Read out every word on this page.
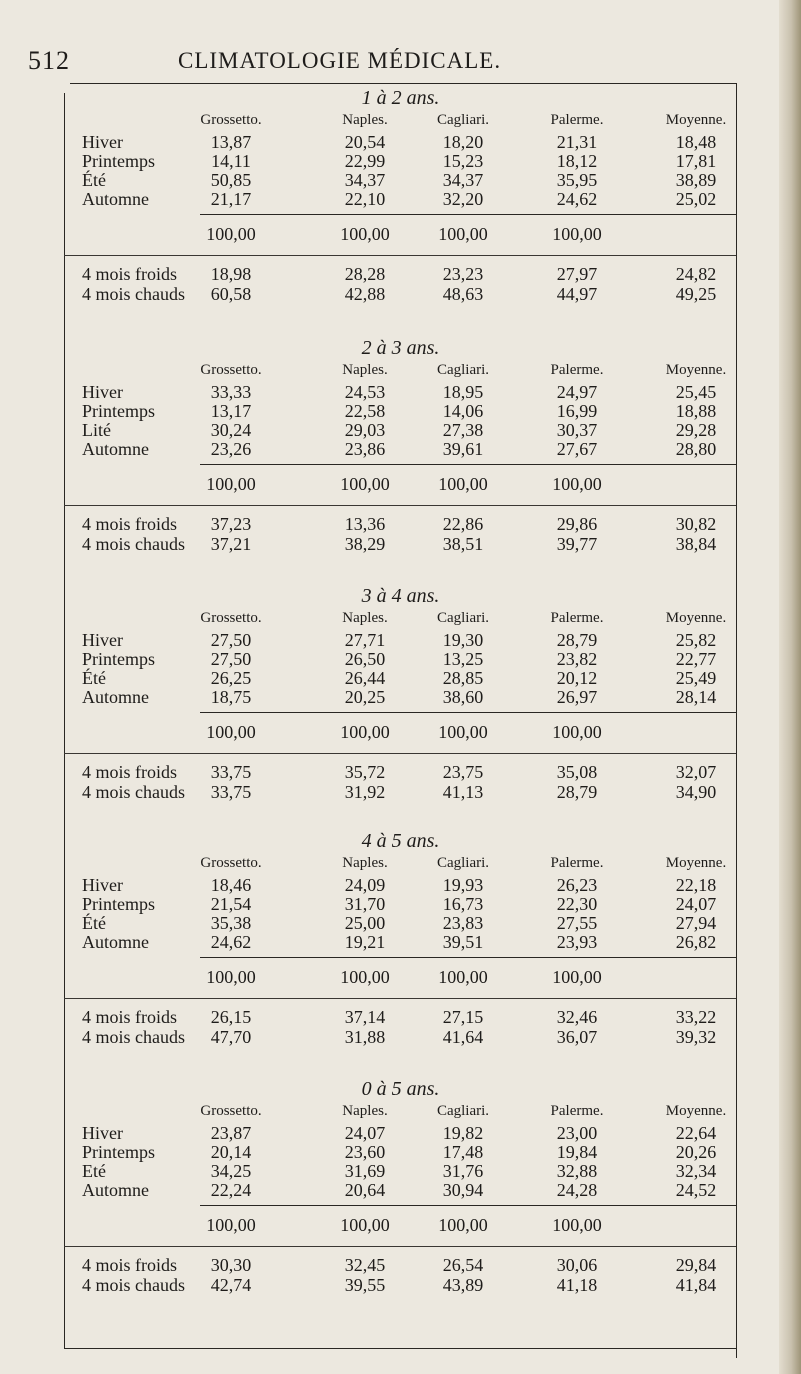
512	CLIMATOLOGIE MÉDICALE.
1 à 2 ans.
Grossetto.	Naples.	Cagliari.	Palerme.	Moyenne.
Hiver	13,87	20,54	18,20	21,31	18,48
Printemps	14,11	22,99	15,23	18,12	17,81
Été	50,85	34,37	34,37	35,95	38,89
Automne	21,17	22,10	32,20	24,62	25,02
100,00	100,00	100,00	100,00
4 mois froids	18,98	28,28	23,23	27,97	24,82
4 mois chauds	60,58	42,88	48,63	44,97	49,25
2 à 3 ans.
Grossetto.	Naples.	Cagliari.	Palerme.	Moyenne.
Hiver	33,33	24,53	18,95	24,97	25,45
Printemps	13,17	22,58	14,06	16,99	18,88
Lité	30,24	29,03	27,38	30,37	29,28
Automne	23,26	23,86	39,61	27,67	28,80
100,00	100,00	100,00	100,00
4 mois froids	37,23	13,36	22,86	29,86	30,82
4 mois chauds	37,21	38,29	38,51	39,77	38,84
3 à 4 ans.
Grossetto.	Naples.	Cagliari.	Palerme.	Moyenne.
Hiver	27,50	27,71	19,30	28,79	25,82
Printemps	27,50	26,50	13,25	23,82	22,77
Été	26,25	26,44	28,85	20,12	25,49
Automne	18,75	20,25	38,60	26,97	28,14
100,00	100,00	100,00	100,00
4 mois froids	33,75	35,72	23,75	35,08	32,07
4 mois chauds	33,75	31,92	41,13	28,79	34,90
4 à 5 ans.
Grossetto.	Naples.	Cagliari.	Palerme.	Moyenne.
Hiver	18,46	24,09	19,93	26,23	22,18
Printemps	21,54	31,70	16,73	22,30	24,07
Été	35,38	25,00	23,83	27,55	27,94
Automne	24,62	19,21	39,51	23,93	26,82
100,00	100,00	100,00	100,00
4 mois froids	26,15	37,14	27,15	32,46	33,22
4 mois chauds	47,70	31,88	41,64	36,07	39,32
0 à 5 ans.
Grossetto.	Naples.	Cagliari.	Palerme.	Moyenne.
Hiver	23,87	24,07	19,82	23,00	22,64
Printemps	20,14	23,60	17,48	19,84	20,26
Eté	34,25	31,69	31,76	32,88	32,34
Automne	22,24	20,64	30,94	24,28	24,52
100,00	100,00	100,00	100,00
4 mois froids	30,30	32,45	26,54	30,06	29,84
4 mois chauds	42,74	39,55	43,89	41,18	41,84
